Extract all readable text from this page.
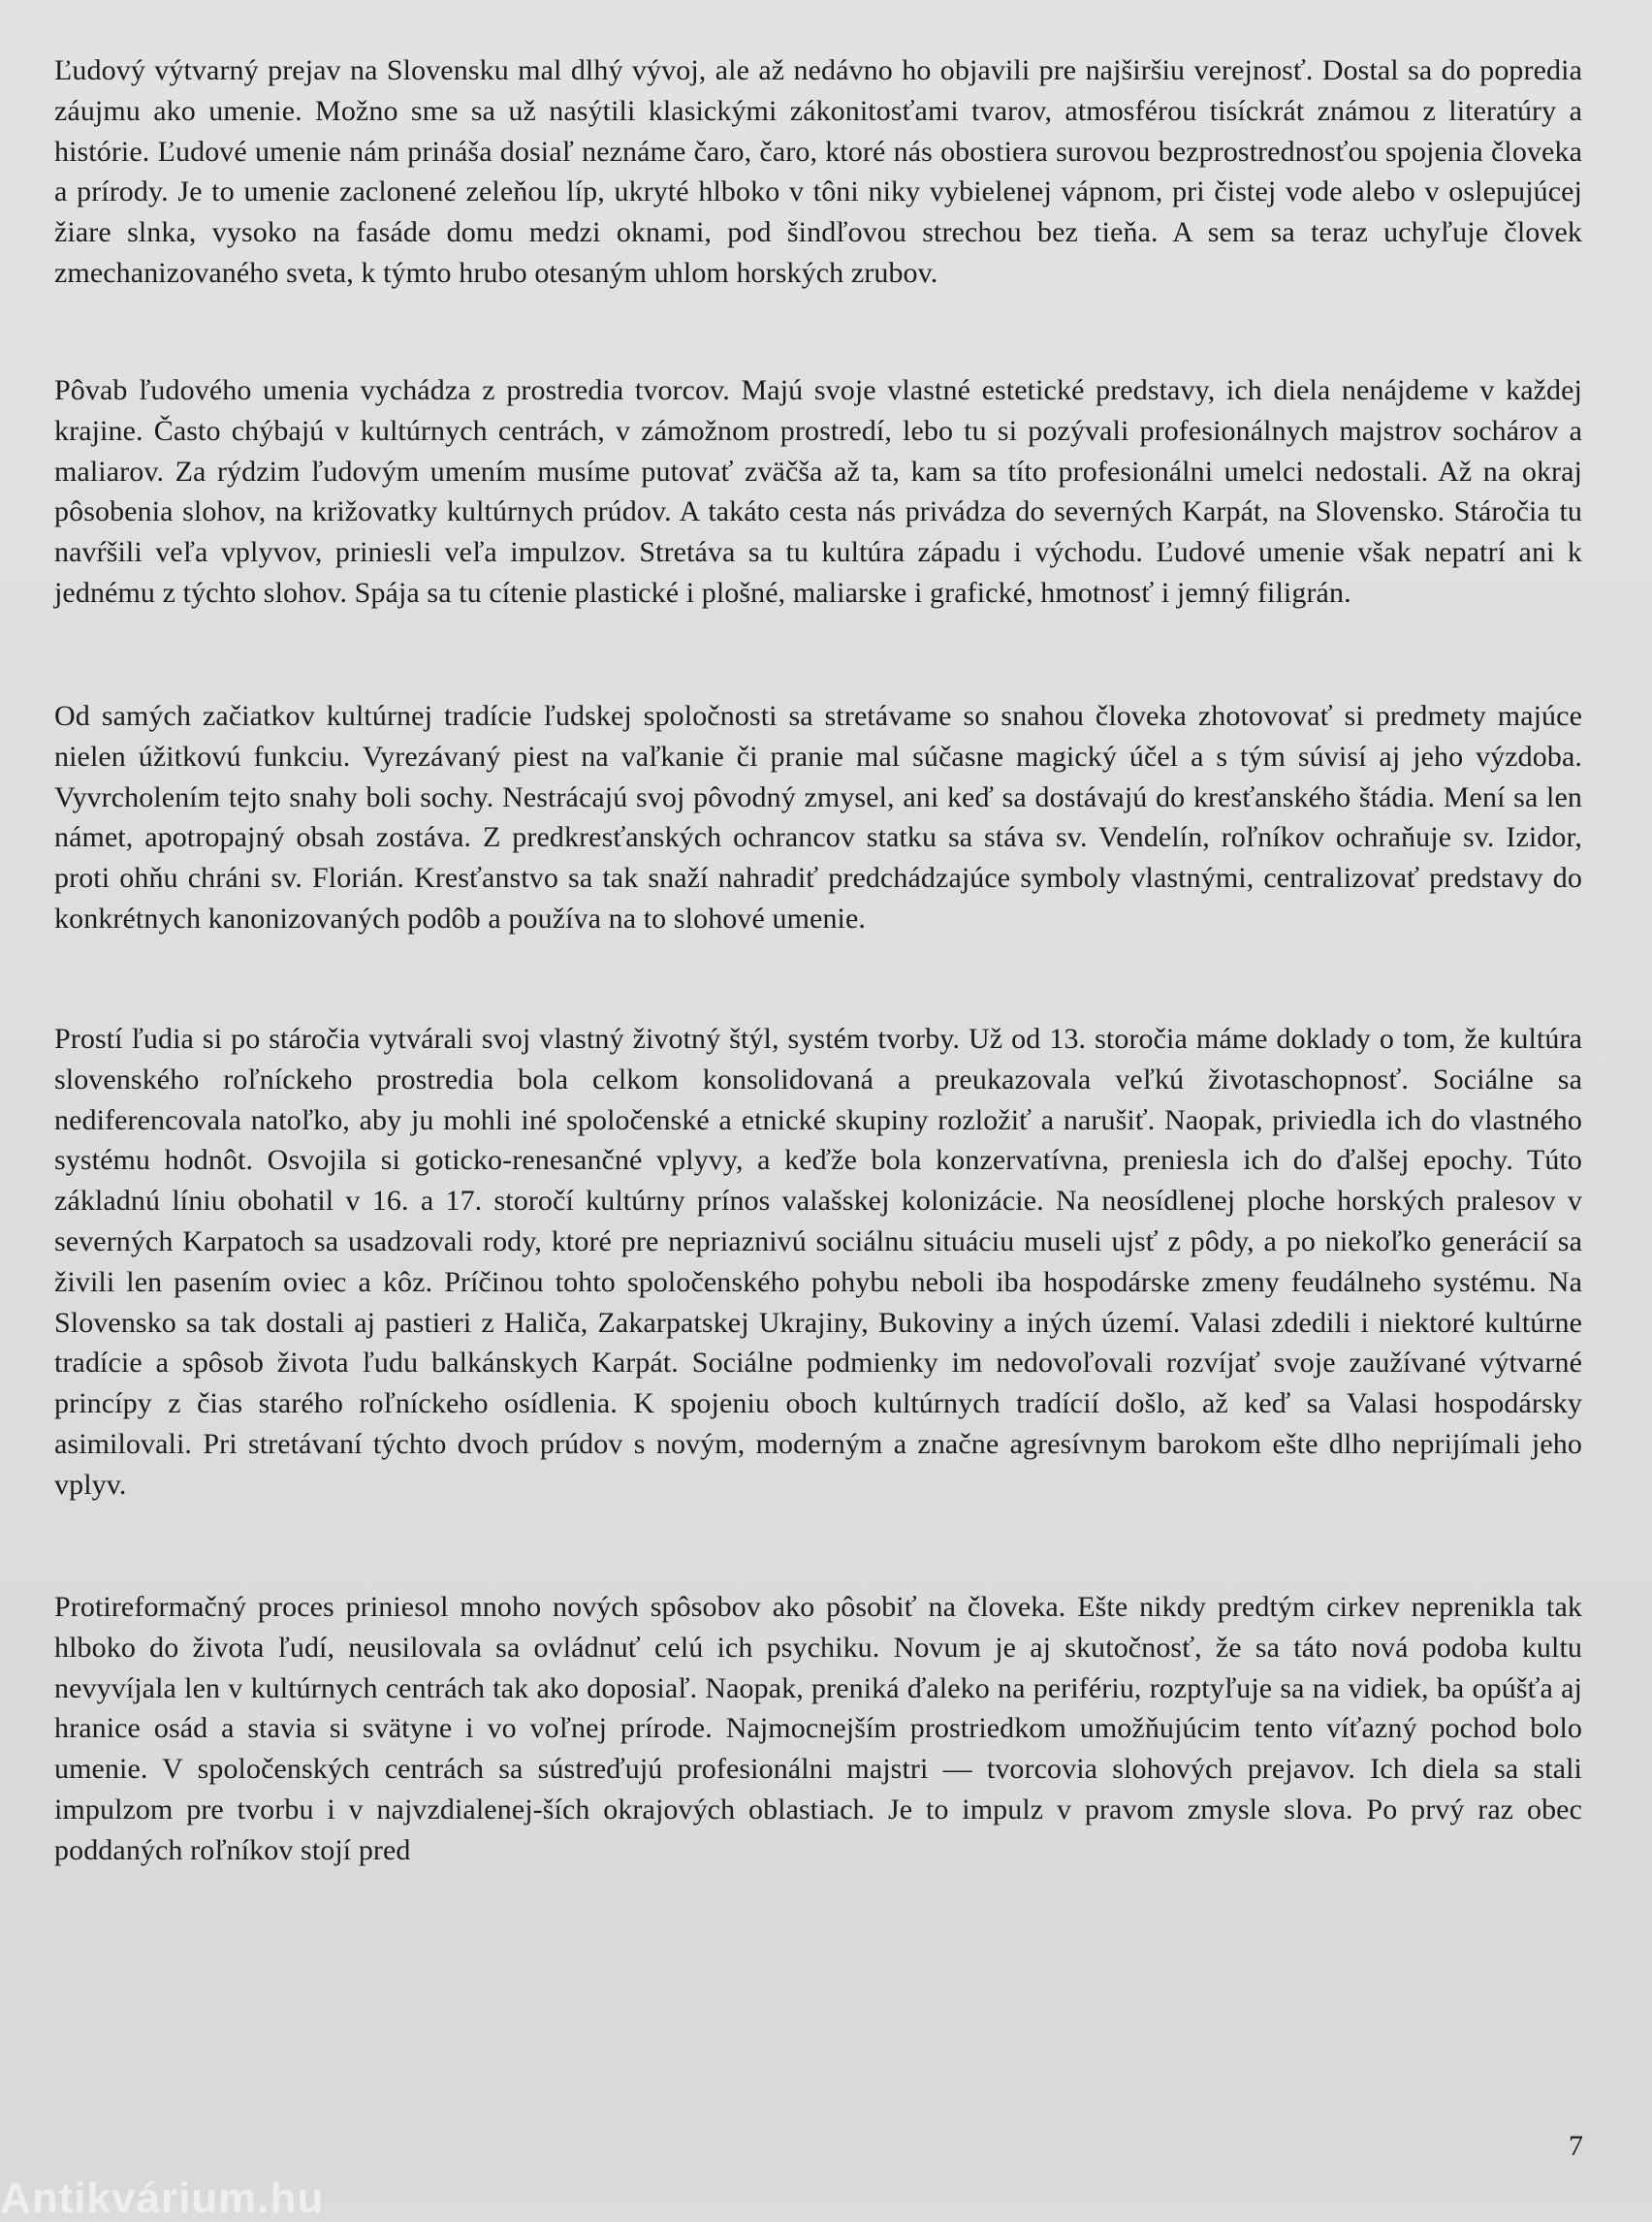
Ľudový výtvarný prejav na Slovensku mal dlhý vývoj, ale až nedávno ho objavili pre najširšiu verejnosť. Dostal sa do popredia záujmu ako umenie. Možno sme sa už nasýtili klasickými zákonitosťami tvarov, atmosférou tisíckrát známou z literatúry a histórie. Ľudové umenie nám prináša dosiaľ neznáme čaro, čaro, ktoré nás obostiera surovou bezprostrednosťou spojenia človeka a prírody. Je to umenie zaclonené zeleňou líp, ukryté hlboko v tôni niky vybielenej vápnom, pri čistej vode alebo v oslepujúcej žiare slnka, vysoko na fasáde domu medzi oknami, pod šindľovou strechou bez tieňa. A sem sa teraz uchyľuje človek zmechanizovaného sveta, k týmto hrubo otesaným uhlom horských zrubov.

Pôvab ľudového umenia vychádza z prostredia tvorcov. Majú svoje vlastné estetické predstavy, ich diela nenájdeme v každej krajine. Často chýbajú v kultúrnych centrách, v zámožnom prostredí, lebo tu si pozývali profesionálnych majstrov sochárov a maliarov. Za rýdzim ľudovým umením musíme putovať zväčša až ta, kam sa títo profesionálni umelci nedostali. Až na okraj pôsobenia slohov, na križovatky kultúrnych prúdov. A takáto cesta nás privádza do severných Karpát, na Slovensko. Stáročia tu navŕšili veľa vplyvov, priniesli veľa impulzov. Stretáva sa tu kultúra západu i východu. Ľudové umenie však nepatrí ani k jednému z týchto slohov. Spája sa tu cítenie plastické i plošné, maliarske i grafické, hmotnosť i jemný filigrán.

Od samých začiatkov kultúrnej tradície ľudskej spoločnosti sa stretávame so snahou človeka zhotovovať si predmety majúce nielen úžitkovú funkciu. Vyrezávaný piest na vaľkanie či pranie mal súčasne magický účel a s tým súvisí aj jeho výzdoba. Vyvrcholením tejto snahy boli sochy. Nestrácajú svoj pôvodný zmysel, ani keď sa dostávajú do kresťanského štádia. Mení sa len námet, apotropajný obsah zostáva. Z predkresťanských ochrancov statku sa stáva sv. Vendelín, roľníkov ochraňuje sv. Izidor, proti ohňu chráni sv. Florián. Kresťanstvo sa tak snaží nahradiť predchádzajúce symboly vlastnými, centralizovať predstavy do konkrétnych kanonizovaných podôb a používa na to slohové umenie.

Prostí ľudia si po stáročia vytvárali svoj vlastný životný štýl, systém tvorby. Už od 13. storočia máme doklady o tom, že kultúra slovenského roľníckeho prostredia bola celkom konsolidovaná a preukazovala veľkú životaschopnosť. Sociálne sa nediferencovala natoľko, aby ju mohli iné spoločenské a etnické skupiny rozložiť a narušiť. Naopak, priviedla ich do vlastného systému hodnôt. Osvojila si goticko-renesančné vplyvy, a keďže bola konzervatívna, preniesla ich do ďalšej epochy. Túto základnú líniu obohatil v 16. a 17. storočí kultúrny prínos valašskej kolonizácie. Na neosídlenej ploche horských pralesov v severných Karpatoch sa usadzovali rody, ktoré pre nepriaznivú sociálnu situáciu museli ujsť z pôdy, a po niekoľko generácií sa živili len pasením oviec a kôz. Príčinou tohto spoločenského pohybu neboli iba hospodárske zmeny feudálneho systému. Na Slovensko sa tak dostali aj pastieri z Haliča, Zakarpatskej Ukrajiny, Bukoviny a iných území. Valasi zdedili i niektoré kultúrne tradície a spôsob života ľudu balkánskych Karpát. Sociálne podmienky im nedovoľovali rozvíjať svoje zaužívané výtvarné princípy z čias starého roľníckeho osídlenia. K spojeniu oboch kultúrnych tradícií došlo, až keď sa Valasi hospodársky asimilovali. Pri stretávaní týchto dvoch prúdov s novým, moderným a značne agresívnym barokom ešte dlho neprijímali jeho vplyv.

Protireformačný proces priniesol mnoho nových spôsobov ako pôsobiť na človeka. Ešte nikdy predtým cirkev neprenikla tak hlboko do života ľudí, neusilovala sa ovládnuť celú ich psychiku. Novum je aj skutočnosť, že sa táto nová podoba kultu nevyvíjala len v kultúrnych centrách tak ako doposiaľ. Naopak, preniká ďaleko na perifériu, rozptyľuje sa na vidiek, ba opúšťa aj hranice osád a stavia si svätyne i vo voľnej prírode. Najmocnejším prostriedkom umožňujúcim tento víťazný pochod bolo umenie. V spoločenských centrách sa sústreďujú profesionálni majstri — tvorcovia slohových prejavov. Ich diela sa stali impulzom pre tvorbu i v najvzdialenej-ších okrajových oblastiach. Je to impulz v pravom zmysle slova. Po prvý raz obec poddaných roľníkov stojí pred

7
Antikvárium.hu
